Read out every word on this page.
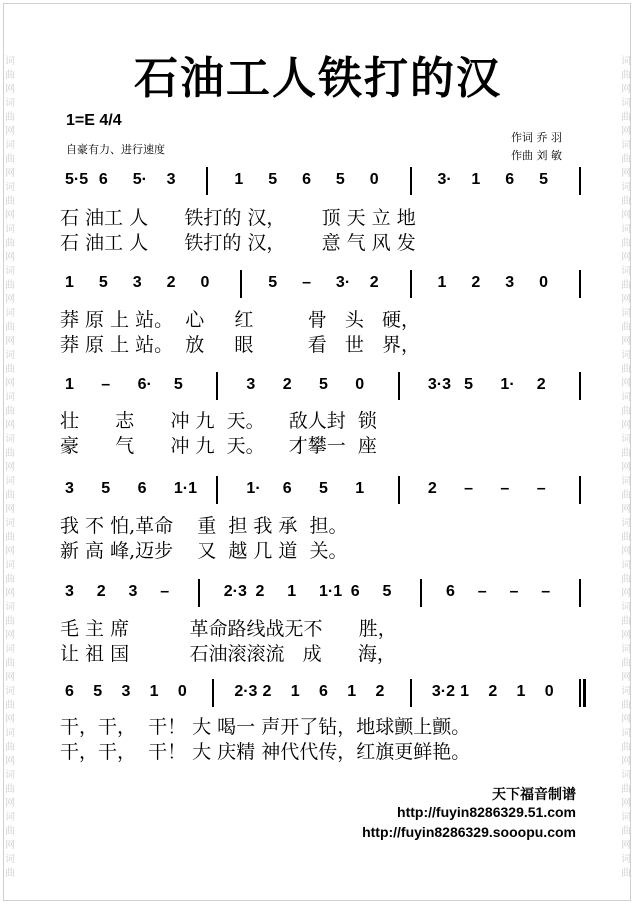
词
曲
网
词
曲
网
词
曲
网
词
曲
网
词
曲
网
词
曲
网
词
曲
网
词
曲
网
词
曲
网
词
曲
网
词
曲
网
词
曲
网
词
曲
网
词
曲
网
词
曲
网
词
曲
网
词
曲
网
词
曲
网
词
曲
网
词
曲
词
曲
网
词
曲
网
词
曲
网
词
曲
网
词
曲
网
词
曲
网
词
曲
网
词
曲
网
词
曲
网
词
曲
网
词
曲
网
词
曲
网
词
曲
网
词
曲
网
词
曲
网
词
曲
网
词
曲
网
词
曲
网
词
曲
网
词
曲
石油工人铁打的汉
1=E 4/4
自豪有力、进行速度
作词 乔 羽
作曲 刘 敏
5·5 6 5· 3	1 5 6 5 0	3· 1 6 5
石 油工 人      铁打的 汉，      顶 天 立 地
石 油工 人      铁打的 汉，      意 气 风 发
1 5 3 2 0	5 – 3· 2	1 2 3 0
莽 原 上 站。  心     红         骨   头   硬，
莽 原 上 站。  放     眼         看   世   界，
1 – 6· 5	3 2 5 0	3·3 5 1· 2
壮      志      冲 九  天。    敌人封  锁
豪      气      冲 九  天。    才攀一  座
3 5 6 1·1	1· 6 5 1	2 – – –
我 不 怕,革命    重  担 我 承  担。
新 高 峰,迈步    又  越 几 道  关。
3 2 3 –	2·3 2 1 1·1 6 5	6 – – –
毛 主 席          革命路线战无不      胜，
让 祖 国          石油滚滚流   成      海，
6 5 3 1 0	2·3 2 1 6 1 2	3·2 1 2 1 0
干，干，  干！ 大 喝一 声开了钻，地球颤上颤。
干，干，  干！ 大 庆精 神代代传，红旗更鲜艳。
天下福音制谱
http://fuyin8286329.51.com
http://fuyin8286329.sooopu.com
